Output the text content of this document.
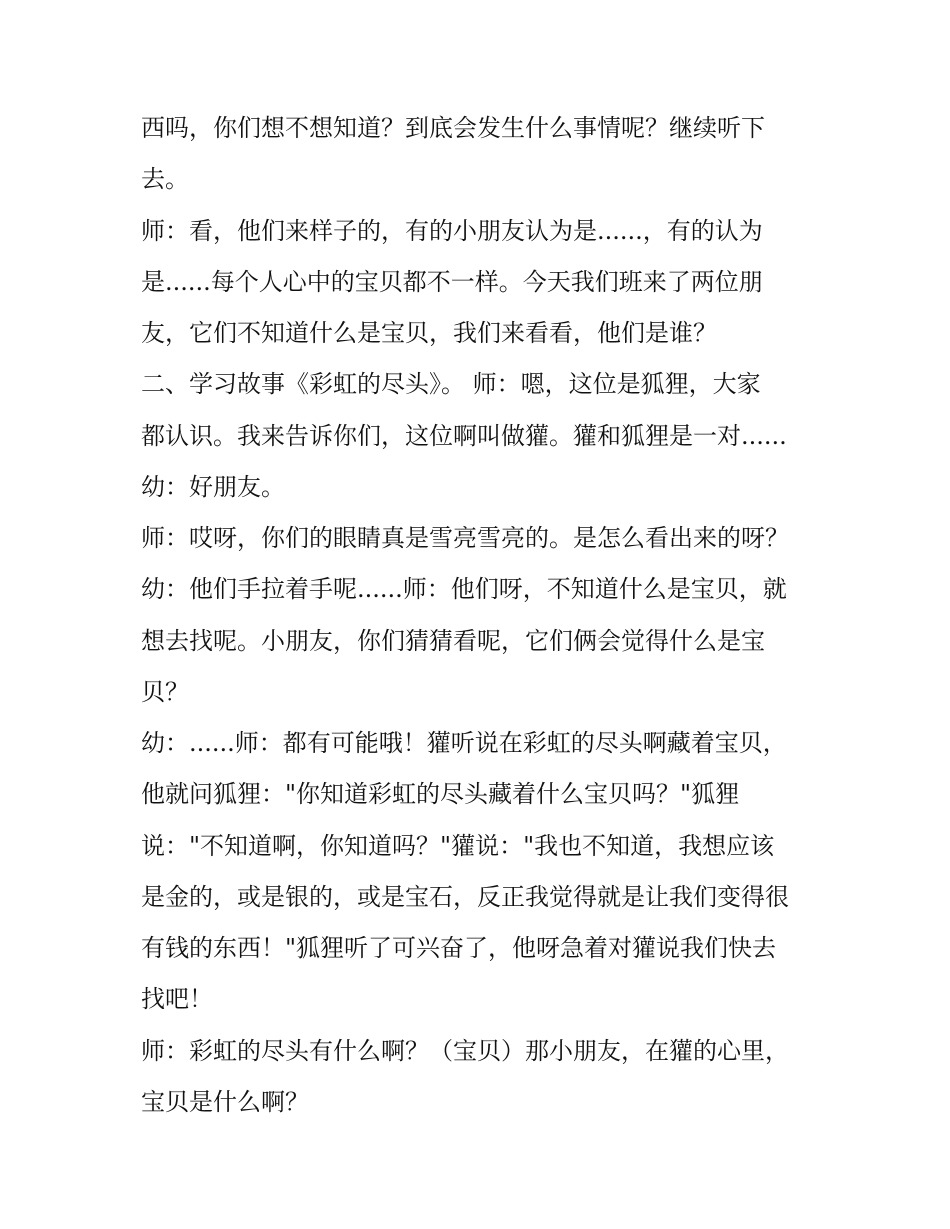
西吗，你们想不想知道？到底会发生什么事情呢？继续听下
去。
师：看，他们来样子的，有的小朋友认为是......，有的认为
是......每个人心中的宝贝都不一样。今天我们班来了两位朋
友，它们不知道什么是宝贝，我们来看看，他们是谁？
二、学习故事《彩虹的尽头》。 师：嗯，这位是狐狸，大家
都认识。我来告诉你们，这位啊叫做獾。獾和狐狸是一对......
幼：好朋友。
师：哎呀，你们的眼睛真是雪亮雪亮的。是怎么看出来的呀？
幼：他们手拉着手呢......师：他们呀，不知道什么是宝贝，就
想去找呢。小朋友，你们猜猜看呢，它们俩会觉得什么是宝
贝？
幼：......师：都有可能哦！獾听说在彩虹的尽头啊藏着宝贝，
他就问狐狸："你知道彩虹的尽头藏着什么宝贝吗？"狐狸
说："不知道啊，你知道吗？"獾说："我也不知道，我想应该
是金的，或是银的，或是宝石，反正我觉得就是让我们变得很
有钱的东西！"狐狸听了可兴奋了，他呀急着对獾说我们快去
找吧！
师：彩虹的尽头有什么啊？（宝贝）那小朋友，在獾的心里，
宝贝是什么啊？
